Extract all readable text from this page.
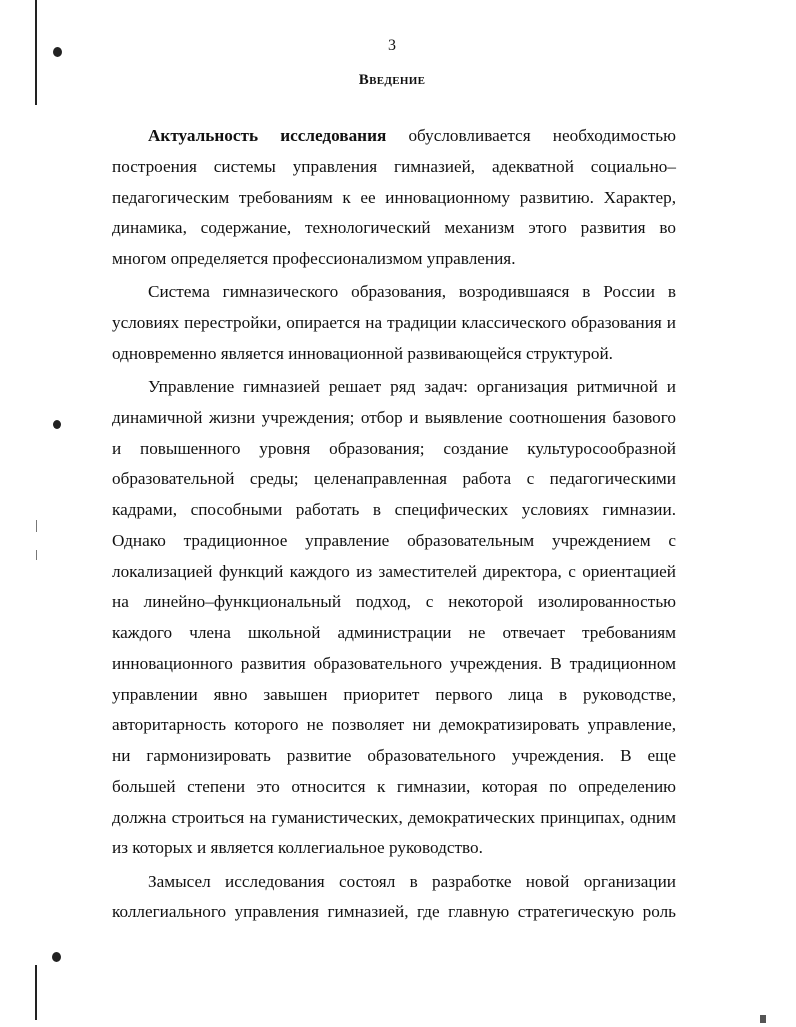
3
Введение
Актуальность исследования обусловливается необходимостью
построения системы управления гимназией, адекватной социально–
педагогическим требованиям к ее инновационному развитию. Характер,
динамика, содержание, технологический механизм этого развития во
многом определяется профессионализмом управления.
Система гимназического образования, возродившаяся в России в
условиях перестройки, опирается на традиции классического образования и
одновременно является инновационной развивающейся структурой.
Управление гимназией решает ряд задач: организация ритмичной и
динамичной жизни учреждения; отбор и выявление соотношения базового
и повышенного уровня образования; создание культуросообразной
образовательной среды; целенаправленная работа с педагогическими
кадрами, способными работать в специфических условиях гимназии.
Однако традиционное управление образовательным учреждением с
локализацией функций каждого из заместителей директора, с ориентацией
на линейно–функциональный подход, с некоторой изолированностью
каждого члена школьной администрации не отвечает требованиям
инновационного развития образовательного учреждения. В традиционном
управлении явно завышен приоритет первого лица в руководстве,
авторитарность которого не позволяет ни демократизировать управление,
ни гармонизировать развитие образовательного учреждения. В еще
большей степени это относится к гимназии, которая по определению
должна строиться на гуманистических, демократических принципах, одним
из которых и является коллегиальное руководство.
Замысел исследования состоял в разработке новой организации
коллегиального управления гимназией, где главную стратегическую роль
